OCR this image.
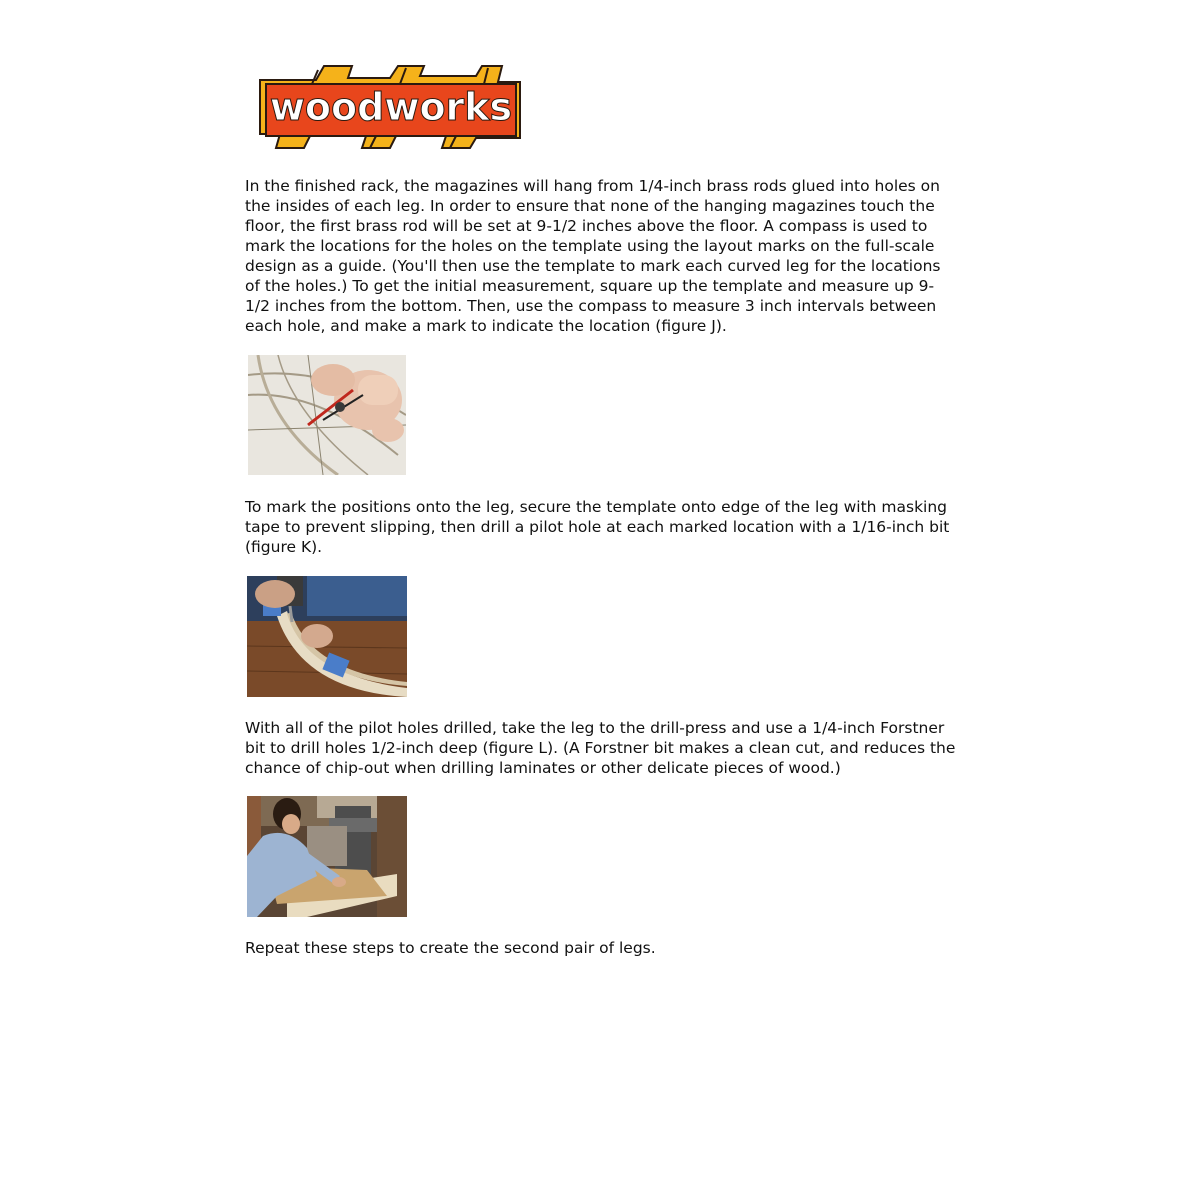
woodworks

In the finished rack, the magazines will hang from 1/4-inch brass rods glued into holes on the insides of each leg. In order to ensure that none of the hanging magazines touch the floor, the first brass rod will be set at 9-1/2 inches above the floor. A compass is used to mark the locations for the holes on the template using the layout marks on the full-scale design as a guide. (You'll then use the template to mark each curved leg for the locations of the holes.) To get the initial measurement, square up the template and measure up 9-1/2 inches from the bottom. Then, use the compass to measure 3 inch intervals between each hole, and make a mark to indicate the location (figure J).

To mark the positions onto the leg, secure the template onto edge of the leg with masking tape to prevent slipping, then drill a pilot hole at each marked location with a 1/16-inch bit (figure K).

With all of the pilot holes drilled, take the leg to the drill-press and use a 1/4-inch Forstner bit to drill holes 1/2-inch deep (figure L). (A Forstner bit makes a clean cut, and reduces the chance of chip-out when drilling laminates or other delicate pieces of wood.)

Repeat these steps to create the second pair of legs.
